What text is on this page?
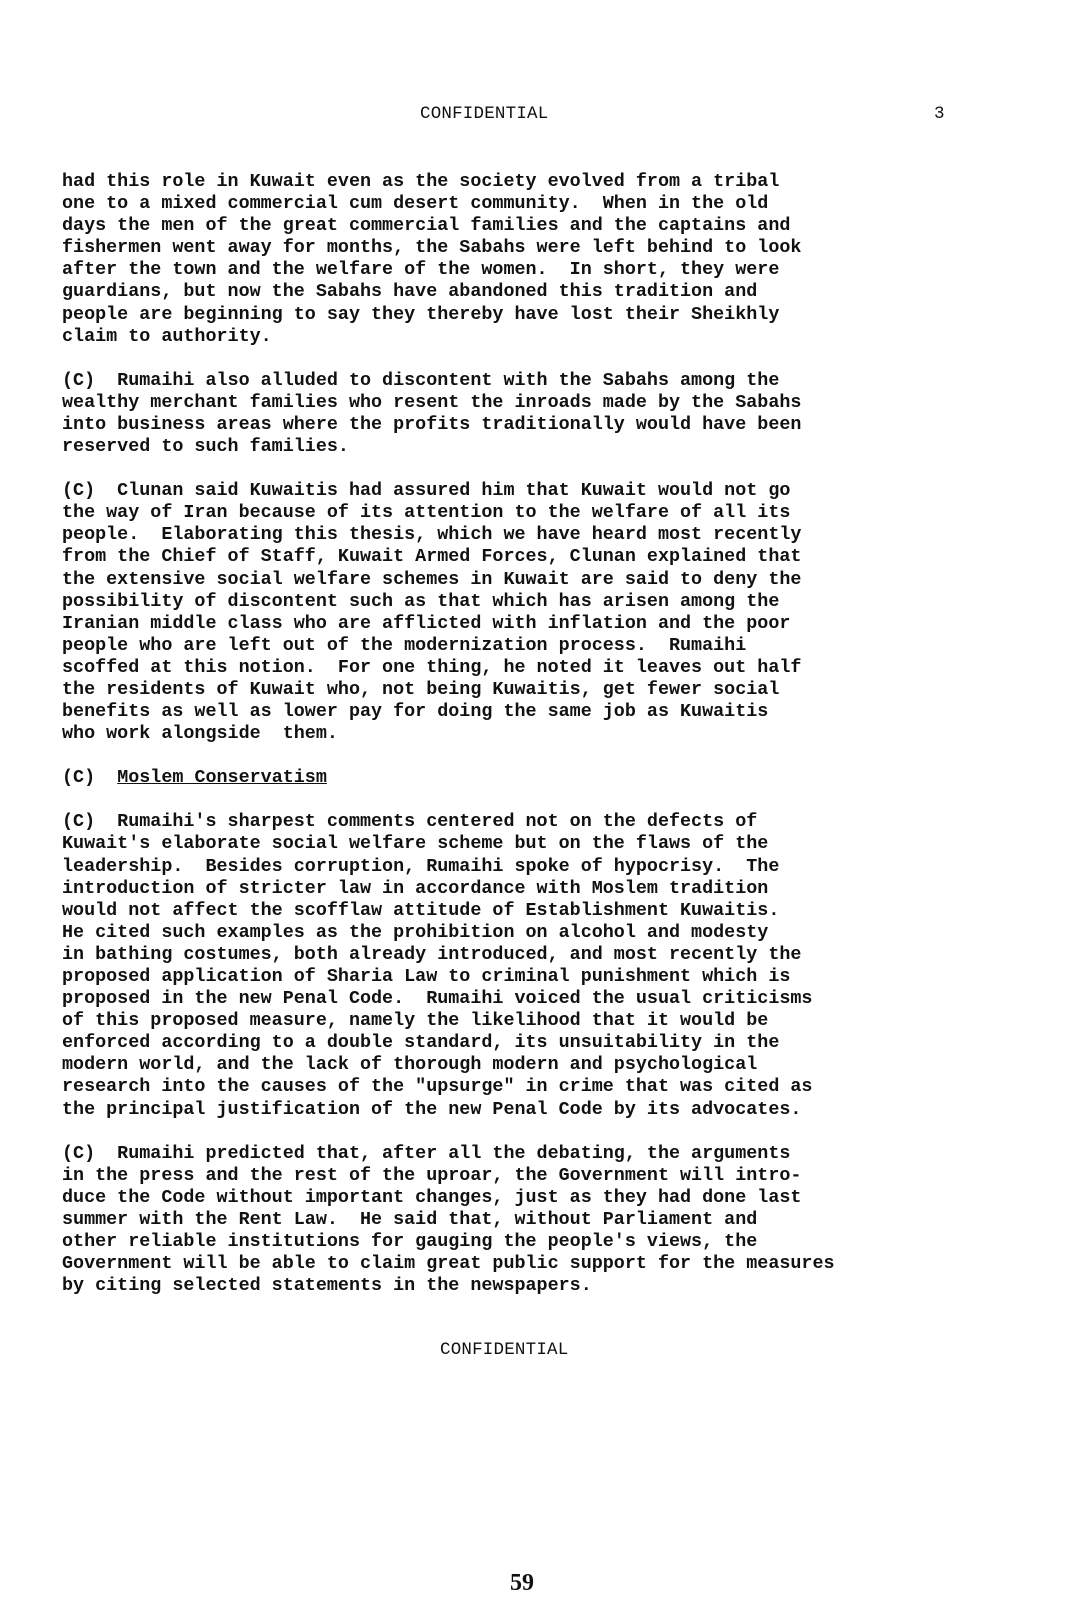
CONFIDENTIAL	3
had this role in Kuwait even as the society evolved from a tribal
one to a mixed commercial cum desert community.  When in the old
days the men of the great commercial families and the captains and
fishermen went away for months, the Sabahs were left behind to look
after the town and the welfare of the women.  In short, they were
guardians, but now the Sabahs have abandoned this tradition and
people are beginning to say they thereby have lost their Sheikhly
claim to authority.
(C)  Rumaihi also alluded to discontent with the Sabahs among the
wealthy merchant families who resent the inroads made by the Sabahs
into business areas where the profits traditionally would have been
reserved to such families.
(C)  Clunan said Kuwaitis had assured him that Kuwait would not go
the way of Iran because of its attention to the welfare of all its
people.  Elaborating this thesis, which we have heard most recently
from the Chief of Staff, Kuwait Armed Forces, Clunan explained that
the extensive social welfare schemes in Kuwait are said to deny the
possibility of discontent such as that which has arisen among the
Iranian middle class who are afflicted with inflation and the poor
people who are left out of the modernization process.  Rumaihi
scoffed at this notion.  For one thing, he noted it leaves out half
the residents of Kuwait who, not being Kuwaitis, get fewer social
benefits as well as lower pay for doing the same job as Kuwaitis
who work alongside  them.
(C)  Moslem Conservatism
(C)  Rumaihi's sharpest comments centered not on the defects of
Kuwait's elaborate social welfare scheme but on the flaws of the
leadership.  Besides corruption, Rumaihi spoke of hypocrisy.  The
introduction of stricter law in accordance with Moslem tradition
would not affect the scofflaw attitude of Establishment Kuwaitis.
He cited such examples as the prohibition on alcohol and modesty
in bathing costumes, both already introduced, and most recently the
proposed application of Sharia Law to criminal punishment which is
proposed in the new Penal Code.  Rumaihi voiced the usual criticisms
of this proposed measure, namely the likelihood that it would be
enforced according to a double standard, its unsuitability in the
modern world, and the lack of thorough modern and psychological
research into the causes of the "upsurge" in crime that was cited as
the principal justification of the new Penal Code by its advocates.
(C)  Rumaihi predicted that, after all the debating, the arguments
in the press and the rest of the uproar, the Government will intro-
duce the Code without important changes, just as they had done last
summer with the Rent Law.  He said that, without Parliament and
other reliable institutions for gauging the people's views, the
Government will be able to claim great public support for the measures
by citing selected statements in the newspapers.
CONFIDENTIAL
59
